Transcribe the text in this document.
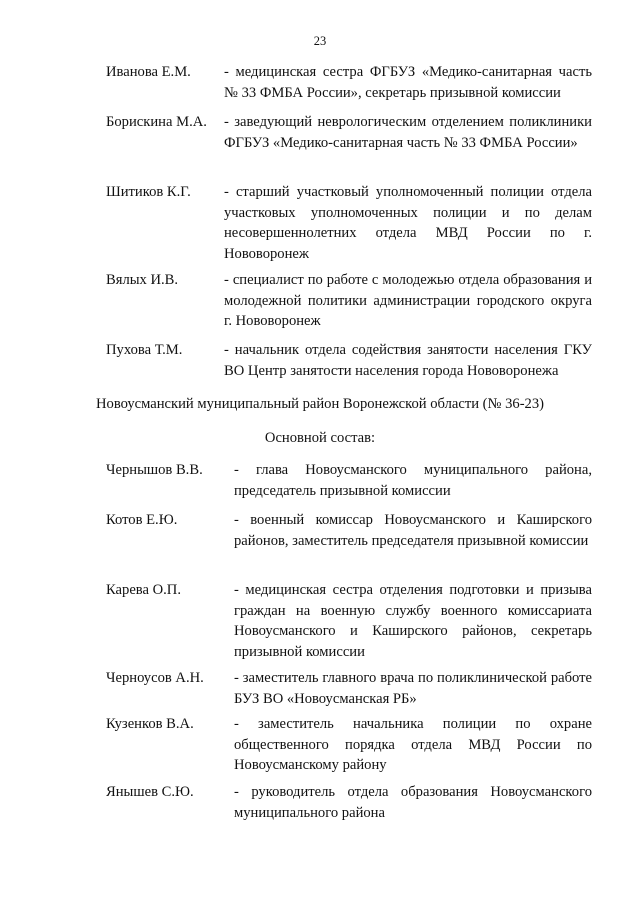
23
Иванова Е.М.	- медицинская сестра ФГБУЗ «Медико-санитарная часть № 33 ФМБА России», секретарь призывной комиссии
Борискина М.А.	- заведующий неврологическим отделением поликлиники ФГБУЗ «Медико-санитарная часть № 33 ФМБА России»
Шитиков К.Г.	- старший участковый уполномоченный полиции отдела участковых уполномоченных полиции и по делам несовершеннолетних отдела МВД России по г. Нововоронеж
Вялых И.В.	- специалист по работе с молодежью отдела образования и молодежной политики администрации городского округа г. Нововоронеж
Пухова Т.М.	- начальник отдела содействия занятости населения ГКУ ВО Центр занятости населения города Нововоронежа
Новоусманский муниципальный район Воронежской области (№ 36-23)
Основной состав:
Чернышов В.В.	- глава Новоусманского муниципального района, председатель призывной комиссии
Котов Е.Ю.	- военный комиссар Новоусманского и Каширского районов, заместитель председателя призывной комиссии
Карева О.П.	- медицинская сестра отделения подготовки и призыва граждан на военную службу военного комиссариата Новоусманского и Каширского районов, секретарь призывной комиссии
Черноусов А.Н.	- заместитель главного врача по поликлинической работе БУЗ ВО «Новоусманская РБ»
Кузенков В.А.	- заместитель начальника полиции по охране общественного порядка отдела МВД России по Новоусманскому району
Янышев С.Ю.	- руководитель отдела образования Новоусманского муниципального района
